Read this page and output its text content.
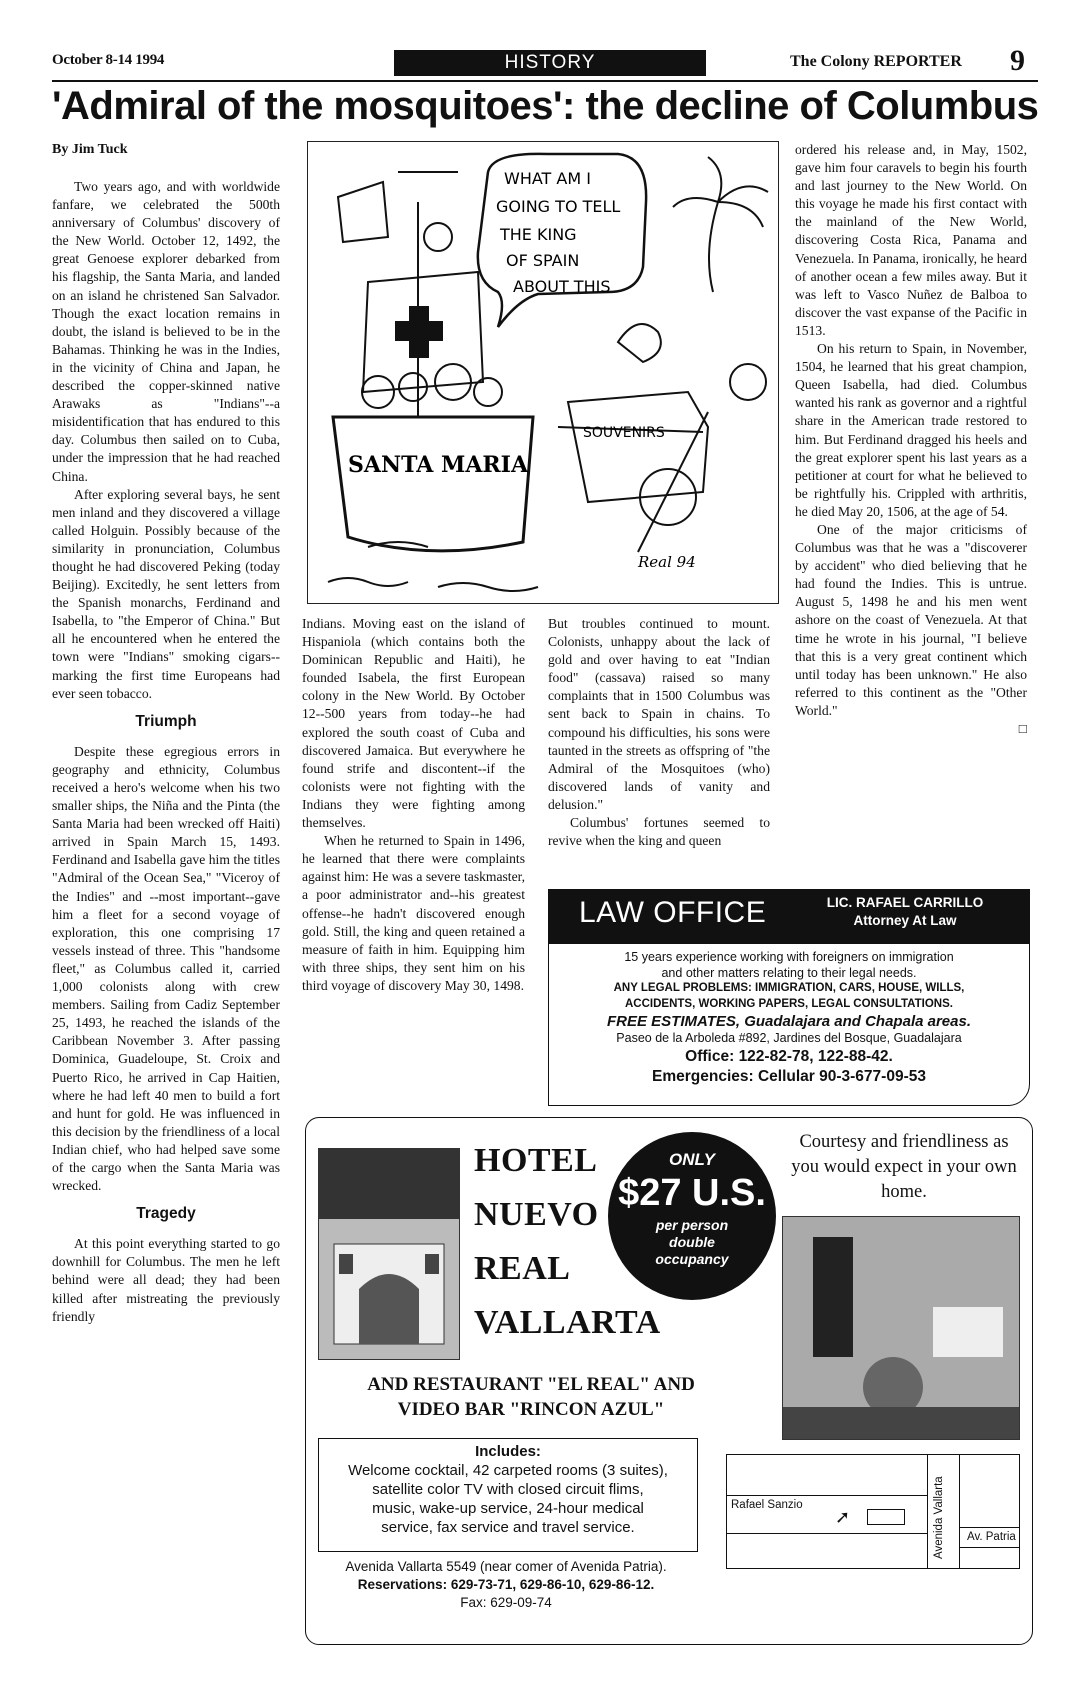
October 8-14 1994	HISTORY	The Colony REPORTER 9
'Admiral of the mosquitoes': the decline of Columbus
By Jim Tuck

Two years ago, and with worldwide fanfare, we celebrated the 500th anniversary of Columbus' discovery of the New World. October 12, 1492, the great Genoese explorer debarked from his flagship, the Santa Maria, and landed on an island he christened San Salvador. Though the exact location remains in doubt, the island is believed to be in the Bahamas. Thinking he was in the Indies, in the vicinity of China and Japan, he described the copper-skinned native Arawaks as "Indians"--a misidentification that has endured to this day. Columbus then sailed on to Cuba, under the impression that he had reached China.

After exploring several bays, he sent men inland and they discovered a village called Holguin. Possibly because of the similarity in pronunciation, Columbus thought he had discovered Peking (today Beijing). Excitedly, he sent letters from the Spanish monarchs, Ferdinand and Isabella, to "the Emperor of China." But all he encountered when he entered the town were "Indians" smoking cigars--marking the first time Europeans had ever seen tobacco.

Triumph

Despite these egregious errors in geography and ethnicity, Columbus received a hero's welcome when his two smaller ships, the Niña and the Pinta (the Santa Maria had been wrecked off Haiti) arrived in Spain March 15, 1493. Ferdinand and Isabella gave him the titles "Admiral of the Ocean Sea," "Viceroy of the Indies" and --most important--gave him a fleet for a second voyage of exploration, this one comprising 17 vessels instead of three. This "handsome fleet," as Columbus called it, carried 1,000 colonists along with crew members. Sailing from Cadiz September 25, 1493, he reached the islands of the Caribbean November 3. After passing Dominica, Guadeloupe, St. Croix and Puerto Rico, he arrived in Cap Haitien, where he had left 40 men to build a fort and hunt for gold. He was influenced in this decision by the friendliness of a local Indian chief, who had helped save some of the cargo when the Santa Maria was wrecked.

Tragedy

At this point everything started to go downhill for Columbus. The men he left behind were all dead; they had been killed after mistreating the previously friendly

WHAT AM I
GOING TO TELL
THE KING
OF SPAIN
ABOUT THIS
SANTA MARIA
SOUVENIRS
Real 94

Indians. Moving east on the island of Hispaniola (which contains both the Dominican Republic and Haiti), he founded Isabela, the first European colony in the New World. By October 12--500 years from today--he had explored the south coast of Cuba and discovered Jamaica. But everywhere he found strife and discontent--if the colonists were not fighting with the Indians they were fighting among themselves.

When he returned to Spain in 1496, he learned that there were complaints against him: He was a severe taskmaster, a poor administrator and--his greatest offense--he hadn't discovered enough gold. Still, the king and queen retained a measure of faith in him. Equipping him with three ships, they sent him on his third voyage of discovery May 30, 1498.

But troubles continued to mount. Colonists, unhappy about the lack of gold and over having to eat "Indian food" (cassava) raised so many complaints that in 1500 Columbus was sent back to Spain in chains. To compound his difficulties, his sons were taunted in the streets as offspring of "the Admiral of the Mosquitoes (who) discovered lands of vanity and delusion."

Columbus' fortunes seemed to revive when the king and queen

ordered his release and, in May, 1502, gave him four caravels to begin his fourth and last journey to the New World. On this voyage he made his first contact with the mainland of the New World, discovering Costa Rica, Panama and Venezuela. In Panama, ironically, he heard of another ocean a few miles away. But it was left to Vasco Nuñez de Balboa to discover the vast expanse of the Pacific in 1513.

On his return to Spain, in November, 1504, he learned that his great champion, Queen Isabella, had died. Columbus wanted his rank as governor and a rightful share in the American trade restored to him. But Ferdinand dragged his heels and the great explorer spent his last years as a petitioner at court for what he believed to be rightfully his. Crippled with arthritis, he died May 20, 1506, at the age of 54.

One of the major criticisms of Columbus was that he was a "discoverer by accident" who died believing that he had found the Indies. This is untrue. August 5, 1498 he and his men went ashore on the coast of Venezuela. At that time he wrote in his journal, "I believe that this is a very great continent which until today has been unknown." He also referred to this continent as the "Other World."

□
LAW OFFICE	LIC. RAFAEL CARRILLO
Attorney At Law
15 years experience working with foreigners on immigration
and other matters relating to their legal needs.
ANY LEGAL PROBLEMS: IMMIGRATION, CARS, HOUSE, WILLS,
ACCIDENTS, WORKING PAPERS, LEGAL CONSULTATIONS.
FREE ESTIMATES, Guadalajara and Chapala areas.
Paseo de la Arboleda #892, Jardines del Bosque, Guadalajara
Office: 122-82-78, 122-88-42.
Emergencies: Cellular 90-3-677-09-53
HOTEL
NUEVO
REAL
VALLARTA
ONLY
$27 U.S.
per person
double
occupancy
Courtesy and friendliness as you would expect in your own home.
AND RESTAURANT "EL REAL" AND
VIDEO BAR "RINCON AZUL"
Includes:
Welcome cocktail, 42 carpeted rooms (3 suites),
satellite color TV with closed circuit flims,
music, wake-up service, 24-hour medical
service, fax service and travel service.
Avenida Vallarta 5549 (near comer of Avenida Patria).
Reservations: 629-73-71, 629-86-10, 629-86-12.
Fax: 629-09-74
Rafael Sanzio	Avenida Vallarta Av. Patria
➚
